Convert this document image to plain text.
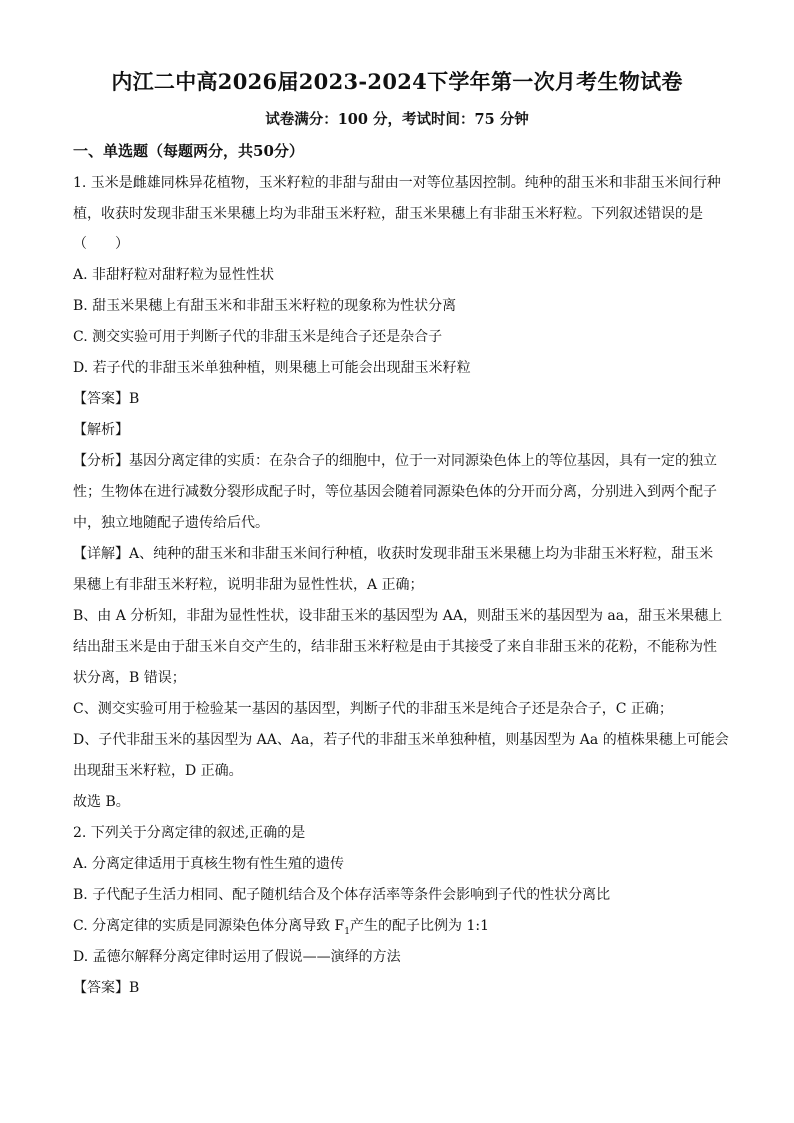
内江二中高2026届2023-2024下学年第一次月考生物试卷
试卷满分：100 分，考试时间：75 分钟
一、单选题（每题两分，共50分）
1. 玉米是雌雄同株异花植物，玉米籽粒的非甜与甜由一对等位基因控制。纯种的甜玉米和非甜玉米间行种
植，收获时发现非甜玉米果穗上均为非甜玉米籽粒，甜玉米果穗上有非甜玉米籽粒。下列叙述错误的是
（　　）
A. 非甜籽粒对甜籽粒为显性性状
B. 甜玉米果穗上有甜玉米和非甜玉米籽粒的现象称为性状分离
C. 测交实验可用于判断子代的非甜玉米是纯合子还是杂合子
D. 若子代的非甜玉米单独种植，则果穗上可能会出现甜玉米籽粒
【答案】B
【解析】
【分析】基因分离定律的实质：在杂合子的细胞中，位于一对同源染色体上的等位基因，具有一定的独立
性；生物体在进行减数分裂形成配子时，等位基因会随着同源染色体的分开而分离，分别进入到两个配子
中，独立地随配子遗传给后代。
【详解】A、纯种的甜玉米和非甜玉米间行种植，收获时发现非甜玉米果穗上均为非甜玉米籽粒，甜玉米
果穗上有非甜玉米籽粒，说明非甜为显性性状，A 正确；
B、由 A 分析知，非甜为显性性状，设非甜玉米的基因型为 AA，则甜玉米的基因型为 aa，甜玉米果穗上
结出甜玉米是由于甜玉米自交产生的，结非甜玉米籽粒是由于其接受了来自非甜玉米的花粉，不能称为性
状分离，B 错误；
C、测交实验可用于检验某一基因的基因型，判断子代的非甜玉米是纯合子还是杂合子，C 正确；
D、子代非甜玉米的基因型为 AA、Aa，若子代的非甜玉米单独种植，则基因型为 Aa 的植株果穗上可能会
出现甜玉米籽粒，D 正确。
故选 B。
2. 下列关于分离定律的叙述,正确的是
A. 分离定律适用于真核生物有性生殖的遗传
B. 子代配子生活力相同、配子随机结合及个体存活率等条件会影响到子代的性状分离比
C. 分离定律的实质是同源染色体分离导致 $F_1$产生的配子比例为 1:1
D. 孟德尔解释分离定律时运用了假说——演绎的方法
【答案】B
